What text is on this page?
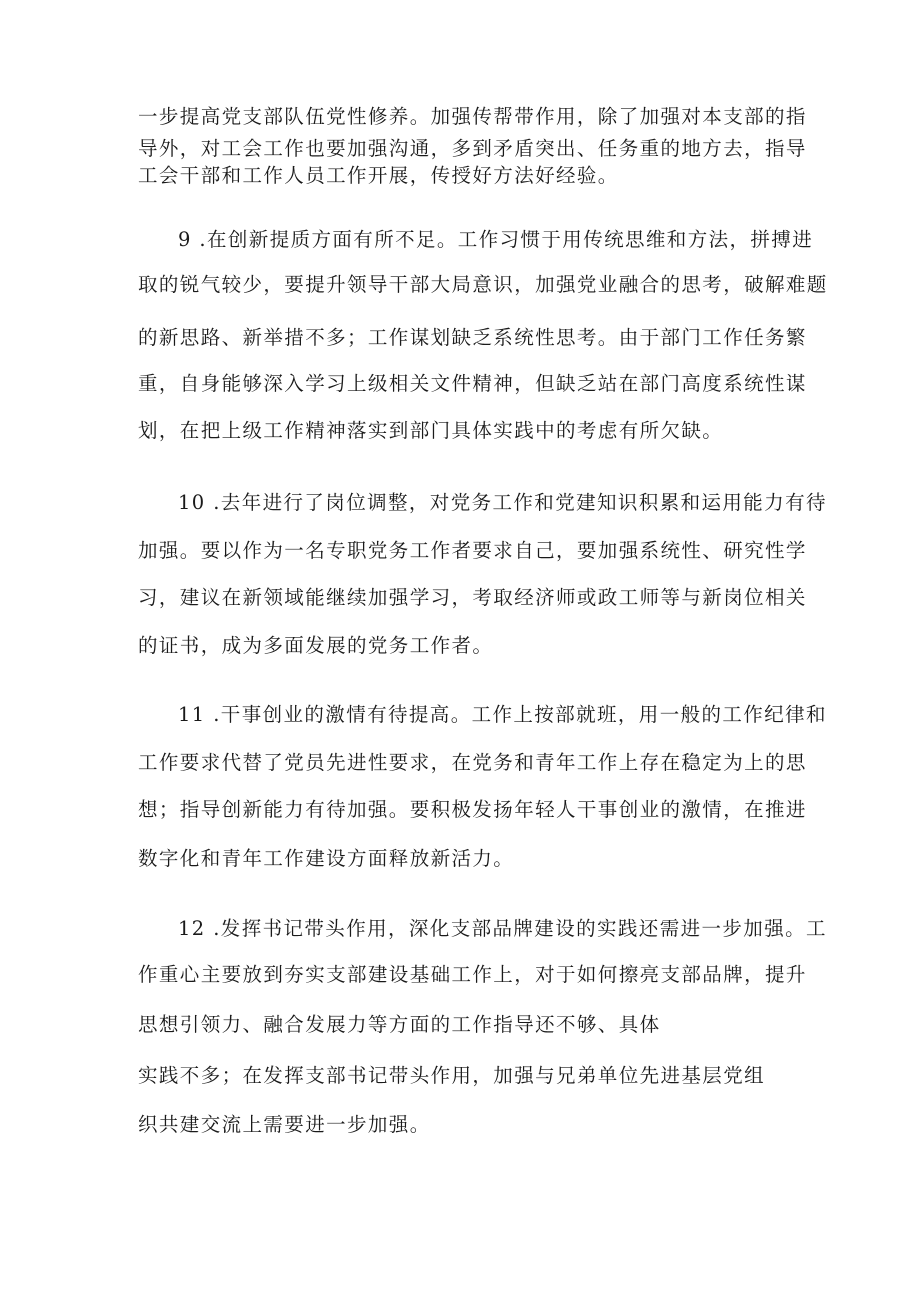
一步提高党支部队伍党性修养。加强传帮带作用，除了加强对本支部的指
导外，对工会工作也要加强沟通，多到矛盾突出、任务重的地方去，指导
工会干部和工作人员工作开展，传授好方法好经验。
9 .在创新提质方面有所不足。工作习惯于用传统思维和方法，拼搏进
取的锐气较少，要提升领导干部大局意识，加强党业融合的思考，破解难题
的新思路、新举措不多；工作谋划缺乏系统性思考。由于部门工作任务繁
重，自身能够深入学习上级相关文件精神，但缺乏站在部门高度系统性谋
划，在把上级工作精神落实到部门具体实践中的考虑有所欠缺。
10 .去年进行了岗位调整，对党务工作和党建知识积累和运用能力有待
加强。要以作为一名专职党务工作者要求自己，要加强系统性、研究性学
习，建议在新领域能继续加强学习，考取经济师或政工师等与新岗位相关
的证书，成为多面发展的党务工作者。
11 .干事创业的激情有待提高。工作上按部就班，用一般的工作纪律和
工作要求代替了党员先进性要求，在党务和青年工作上存在稳定为上的思
想；指导创新能力有待加强。要积极发扬年轻人干事创业的激情，在推进
数字化和青年工作建设方面释放新活力。
12 .发挥书记带头作用，深化支部品牌建设的实践还需进一步加强。工
作重心主要放到夯实支部建设基础工作上，对于如何擦亮支部品牌，提升
思想引领力、融合发展力等方面的工作指导还不够、具体
实践不多；在发挥支部书记带头作用，加强与兄弟单位先进基层党组
织共建交流上需要进一步加强。
